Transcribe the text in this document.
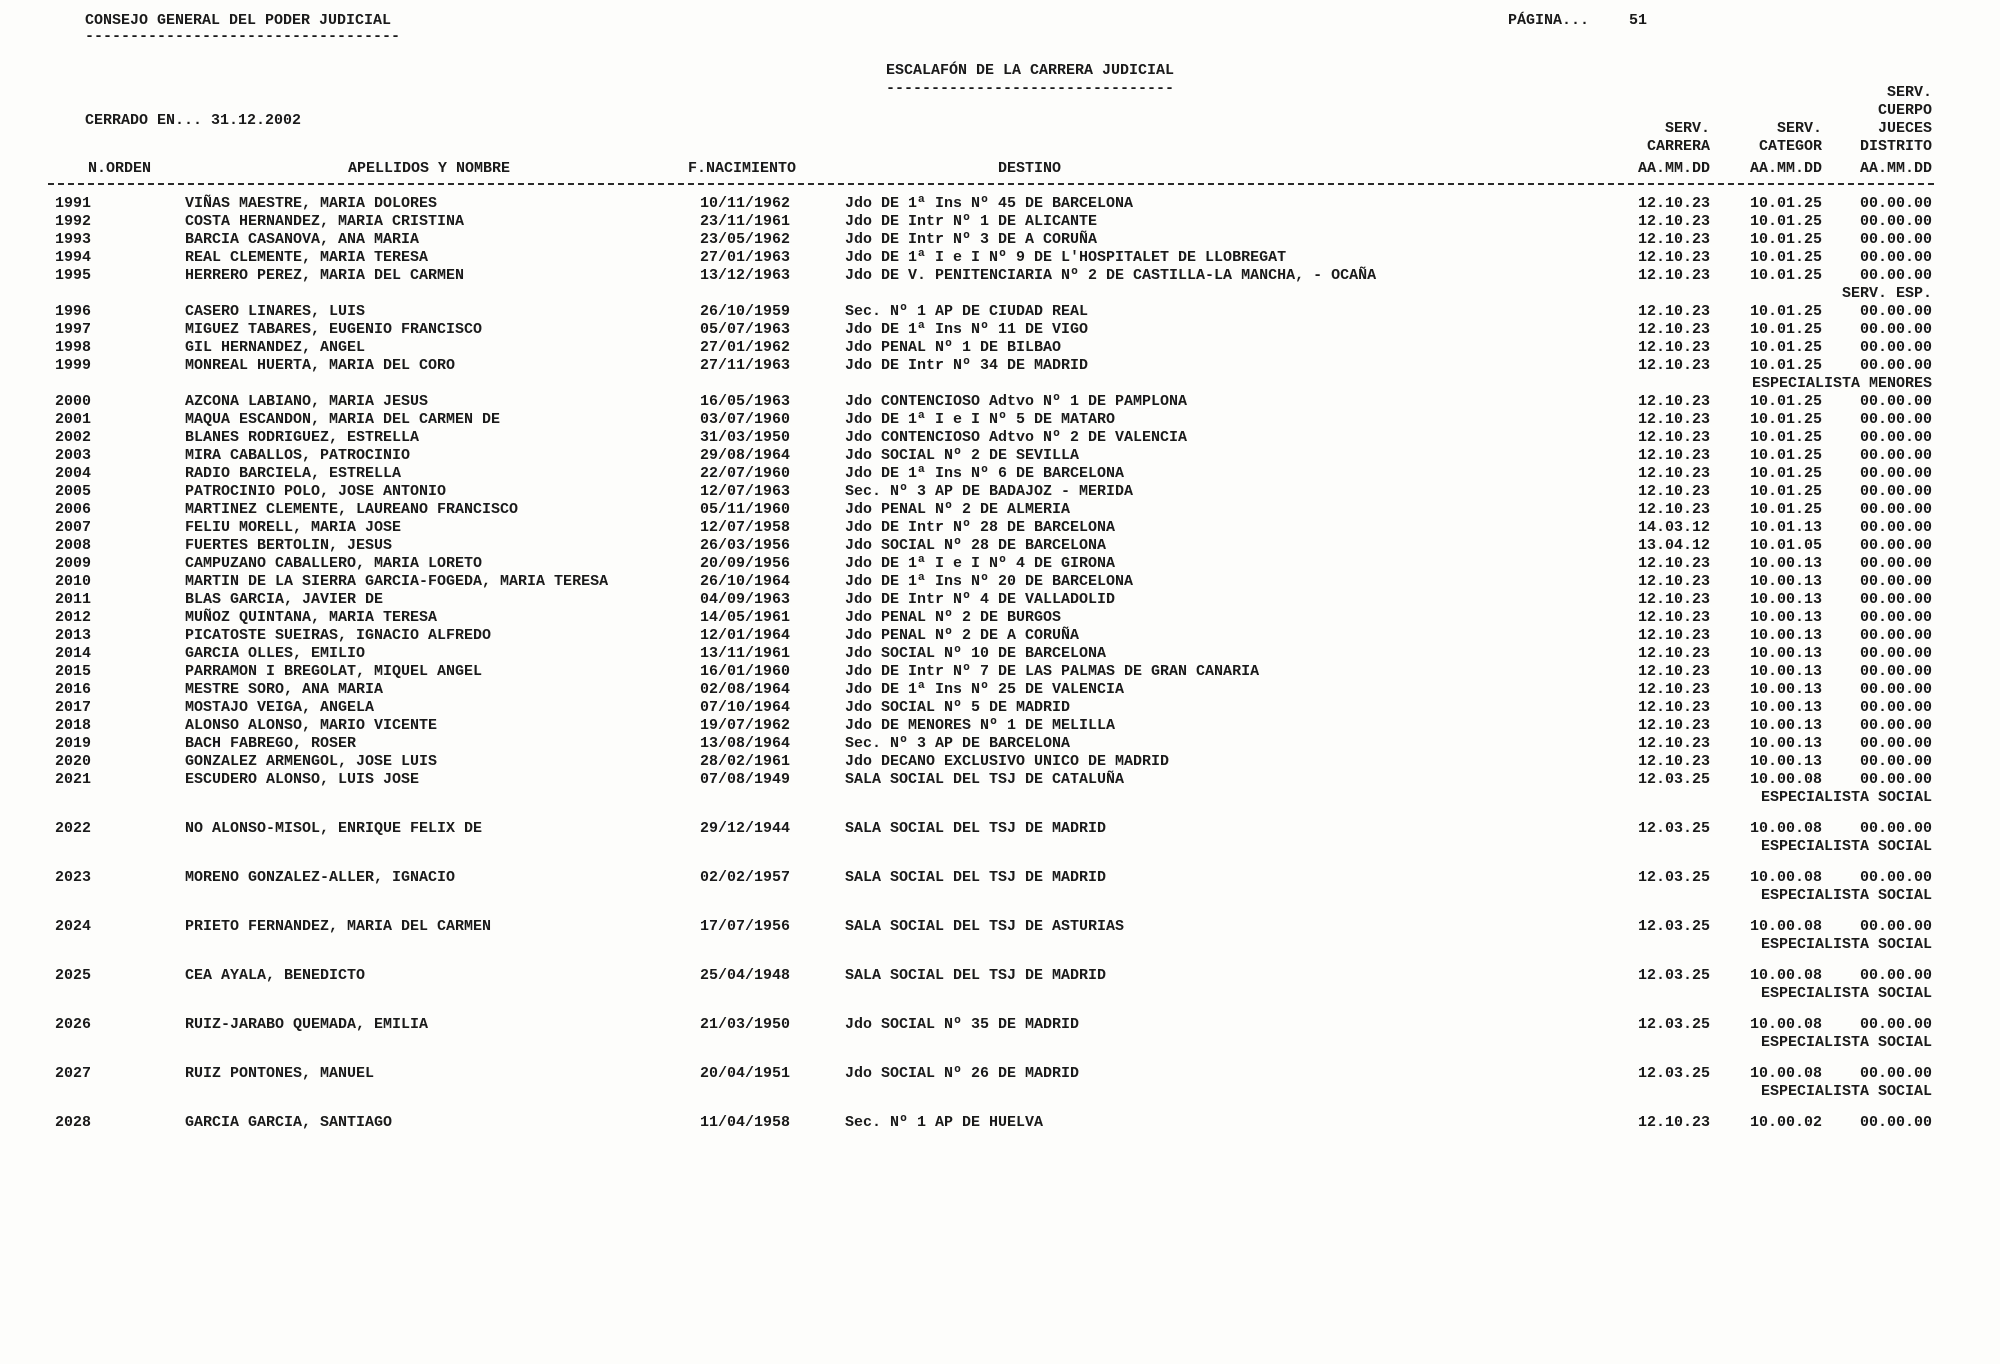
CONSEJO GENERAL DEL PODER JUDICIAL
-----------------------------------
PÁGINA...	51
ESCALAFÓN DE LA CARRERA JUDICIAL
--------------------------------
CERRADO EN... 31.12.2002
SERV.
CUERPO
SERV.	SERV.	JUECES
CARRERA	CATEGOR	DISTRITO
N.ORDEN	APELLIDOS Y NOMBRE	F.NACIMIENTO	DESTINO	AA.MM.DD	AA.MM.DD	AA.MM.DD
1991	VIÑAS MAESTRE, MARIA DOLORES	10/11/1962	Jdo DE 1ª Ins Nº 45 DE BARCELONA	12.10.23	10.01.25	00.00.00
1992	COSTA HERNANDEZ, MARIA CRISTINA	23/11/1961	Jdo DE Intr Nº 1 DE ALICANTE	12.10.23	10.01.25	00.00.00
1993	BARCIA CASANOVA, ANA MARIA	23/05/1962	Jdo DE Intr Nº 3 DE A CORUÑA	12.10.23	10.01.25	00.00.00
1994	REAL CLEMENTE, MARIA TERESA	27/01/1963	Jdo DE 1ª I e I Nº 9 DE L'HOSPITALET DE LLOBREGAT	12.10.23	10.01.25	00.00.00
1995	HERRERO PEREZ, MARIA DEL CARMEN	13/12/1963	Jdo DE V. PENITENCIARIA Nº 2 DE CASTILLA-LA MANCHA, - OCAÑA	12.10.23	10.01.25	00.00.00
SERV. ESP.
1996	CASERO LINARES, LUIS	26/10/1959	Sec. Nº 1 AP DE CIUDAD REAL	12.10.23	10.01.25	00.00.00
1997	MIGUEZ TABARES, EUGENIO FRANCISCO	05/07/1963	Jdo DE 1ª Ins Nº 11 DE VIGO	12.10.23	10.01.25	00.00.00
1998	GIL HERNANDEZ, ANGEL	27/01/1962	Jdo PENAL Nº 1 DE BILBAO	12.10.23	10.01.25	00.00.00
1999	MONREAL HUERTA, MARIA DEL CORO	27/11/1963	Jdo DE Intr Nº 34 DE MADRID	12.10.23	10.01.25	00.00.00
ESPECIALISTA MENORES
2000	AZCONA LABIANO, MARIA JESUS	16/05/1963	Jdo CONTENCIOSO Adtvo Nº 1 DE PAMPLONA	12.10.23	10.01.25	00.00.00
2001	MAQUA ESCANDON, MARIA DEL CARMEN DE	03/07/1960	Jdo DE 1ª I e I Nº 5 DE MATARO	12.10.23	10.01.25	00.00.00
2002	BLANES RODRIGUEZ, ESTRELLA	31/03/1950	Jdo CONTENCIOSO Adtvo Nº 2 DE VALENCIA	12.10.23	10.01.25	00.00.00
2003	MIRA CABALLOS, PATROCINIO	29/08/1964	Jdo SOCIAL Nº 2 DE SEVILLA	12.10.23	10.01.25	00.00.00
2004	RADIO BARCIELA, ESTRELLA	22/07/1960	Jdo DE 1ª Ins Nº 6 DE BARCELONA	12.10.23	10.01.25	00.00.00
2005	PATROCINIO POLO, JOSE ANTONIO	12/07/1963	Sec. Nº 3 AP DE BADAJOZ - MERIDA	12.10.23	10.01.25	00.00.00
2006	MARTINEZ CLEMENTE, LAUREANO FRANCISCO	05/11/1960	Jdo PENAL Nº 2 DE ALMERIA	12.10.23	10.01.25	00.00.00
2007	FELIU MORELL, MARIA JOSE	12/07/1958	Jdo DE Intr Nº 28 DE BARCELONA	14.03.12	10.01.13	00.00.00
2008	FUERTES BERTOLIN, JESUS	26/03/1956	Jdo SOCIAL Nº 28 DE BARCELONA	13.04.12	10.01.05	00.00.00
2009	CAMPUZANO CABALLERO, MARIA LORETO	20/09/1956	Jdo DE 1ª I e I Nº 4 DE GIRONA	12.10.23	10.00.13	00.00.00
2010	MARTIN DE LA SIERRA GARCIA-FOGEDA, MARIA TERESA	26/10/1964	Jdo DE 1ª Ins Nº 20 DE BARCELONA	12.10.23	10.00.13	00.00.00
2011	BLAS GARCIA, JAVIER DE	04/09/1963	Jdo DE Intr Nº 4 DE VALLADOLID	12.10.23	10.00.13	00.00.00
2012	MUÑOZ QUINTANA, MARIA TERESA	14/05/1961	Jdo PENAL Nº 2 DE BURGOS	12.10.23	10.00.13	00.00.00
2013	PICATOSTE SUEIRAS, IGNACIO ALFREDO	12/01/1964	Jdo PENAL Nº 2 DE A CORUÑA	12.10.23	10.00.13	00.00.00
2014	GARCIA OLLES, EMILIO	13/11/1961	Jdo SOCIAL Nº 10 DE BARCELONA	12.10.23	10.00.13	00.00.00
2015	PARRAMON I BREGOLAT, MIQUEL ANGEL	16/01/1960	Jdo DE Intr Nº 7 DE LAS PALMAS DE GRAN CANARIA	12.10.23	10.00.13	00.00.00
2016	MESTRE SORO, ANA MARIA	02/08/1964	Jdo DE 1ª Ins Nº 25 DE VALENCIA	12.10.23	10.00.13	00.00.00
2017	MOSTAJO VEIGA, ANGELA	07/10/1964	Jdo SOCIAL Nº 5 DE MADRID	12.10.23	10.00.13	00.00.00
2018	ALONSO ALONSO, MARIO VICENTE	19/07/1962	Jdo DE MENORES Nº 1 DE MELILLA	12.10.23	10.00.13	00.00.00
2019	BACH FABREGO, ROSER	13/08/1964	Sec. Nº 3 AP DE BARCELONA	12.10.23	10.00.13	00.00.00
2020	GONZALEZ ARMENGOL, JOSE LUIS	28/02/1961	Jdo DECANO EXCLUSIVO UNICO DE MADRID	12.10.23	10.00.13	00.00.00
2021	ESCUDERO ALONSO, LUIS JOSE	07/08/1949	SALA SOCIAL DEL TSJ DE CATALUÑA	12.03.25	10.00.08	00.00.00
ESPECIALISTA SOCIAL
2022	NO ALONSO-MISOL, ENRIQUE FELIX DE	29/12/1944	SALA SOCIAL DEL TSJ DE MADRID	12.03.25	10.00.08	00.00.00
ESPECIALISTA SOCIAL
2023	MORENO GONZALEZ-ALLER, IGNACIO	02/02/1957	SALA SOCIAL DEL TSJ DE MADRID	12.03.25	10.00.08	00.00.00
ESPECIALISTA SOCIAL
2024	PRIETO FERNANDEZ, MARIA DEL CARMEN	17/07/1956	SALA SOCIAL DEL TSJ DE ASTURIAS	12.03.25	10.00.08	00.00.00
ESPECIALISTA SOCIAL
2025	CEA AYALA, BENEDICTO	25/04/1948	SALA SOCIAL DEL TSJ DE MADRID	12.03.25	10.00.08	00.00.00
ESPECIALISTA SOCIAL
2026	RUIZ-JARABO QUEMADA, EMILIA	21/03/1950	Jdo SOCIAL Nº 35 DE MADRID	12.03.25	10.00.08	00.00.00
ESPECIALISTA SOCIAL
2027	RUIZ PONTONES, MANUEL	20/04/1951	Jdo SOCIAL Nº 26 DE MADRID	12.03.25	10.00.08	00.00.00
ESPECIALISTA SOCIAL
2028	GARCIA GARCIA, SANTIAGO	11/04/1958	Sec. Nº 1 AP DE HUELVA	12.10.23	10.00.02	00.00.00
